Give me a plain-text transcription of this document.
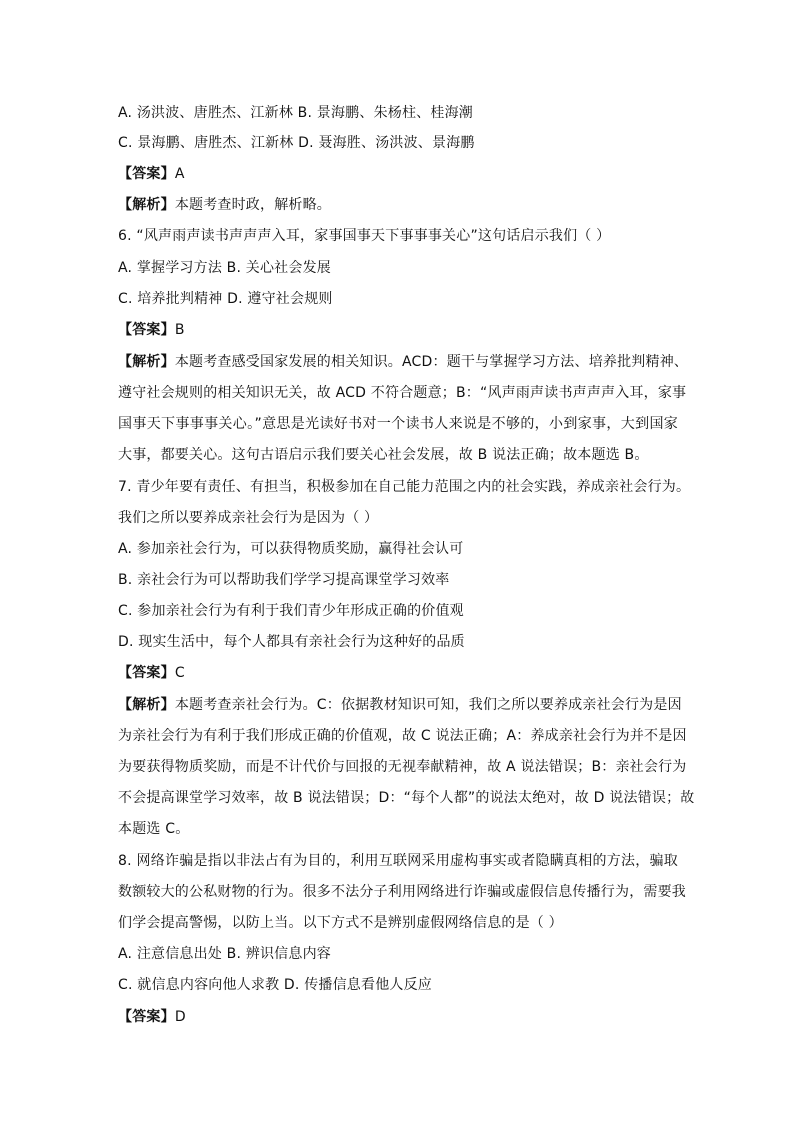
A. 汤洪波、唐胜杰、江新林 B. 景海鹏、朱杨柱、桂海潮
C. 景海鹏、唐胜杰、江新林 D. 聂海胜、汤洪波、景海鹏
【答案】A
【解析】本题考查时政，解析略。
6. “风声雨声读书声声声入耳，家事国事天下事事事关心”这句话启示我们（ ）
A. 掌握学习方法 B. 关心社会发展
C. 培养批判精神 D. 遵守社会规则
【答案】B
【解析】本题考查感受国家发展的相关知识。ACD：题干与掌握学习方法、培养批判精神、
遵守社会规则的相关知识无关，故 ACD 不符合题意；B：“风声雨声读书声声声入耳，家事
国事天下事事事关心。”意思是光读好书对一个读书人来说是不够的，小到家事，大到国家
大事，都要关心。这句古语启示我们要关心社会发展，故 B 说法正确；故本题选 B。
7. 青少年要有责任、有担当，积极参加在自己能力范围之内的社会实践，养成亲社会行为。
我们之所以要养成亲社会行为是因为（ ）
A. 参加亲社会行为，可以获得物质奖励，赢得社会认可
B. 亲社会行为可以帮助我们学学习提高课堂学习效率
C. 参加亲社会行为有利于我们青少年形成正确的价值观
D. 现实生活中，每个人都具有亲社会行为这种好的品质
【答案】C
【解析】本题考查亲社会行为。C：依据教材知识可知，我们之所以要养成亲社会行为是因
为亲社会行为有利于我们形成正确的价值观，故 C 说法正确；A：养成亲社会行为并不是因
为要获得物质奖励，而是不计代价与回报的无视奉献精神，故 A 说法错误；B：亲社会行为
不会提高课堂学习效率，故 B 说法错误；D：“每个人都”的说法太绝对，故 D 说法错误；故
本题选 C。
8. 网络诈骗是指以非法占有为目的，利用互联网采用虚构事实或者隐瞒真相的方法，骗取
数额较大的公私财物的行为。很多不法分子利用网络进行诈骗或虚假信息传播行为，需要我
们学会提高警惕，以防上当。以下方式不是辨别虚假网络信息的是（ ）
A. 注意信息出处 B. 辨识信息内容
C. 就信息内容向他人求教 D. 传播信息看他人反应
【答案】D
